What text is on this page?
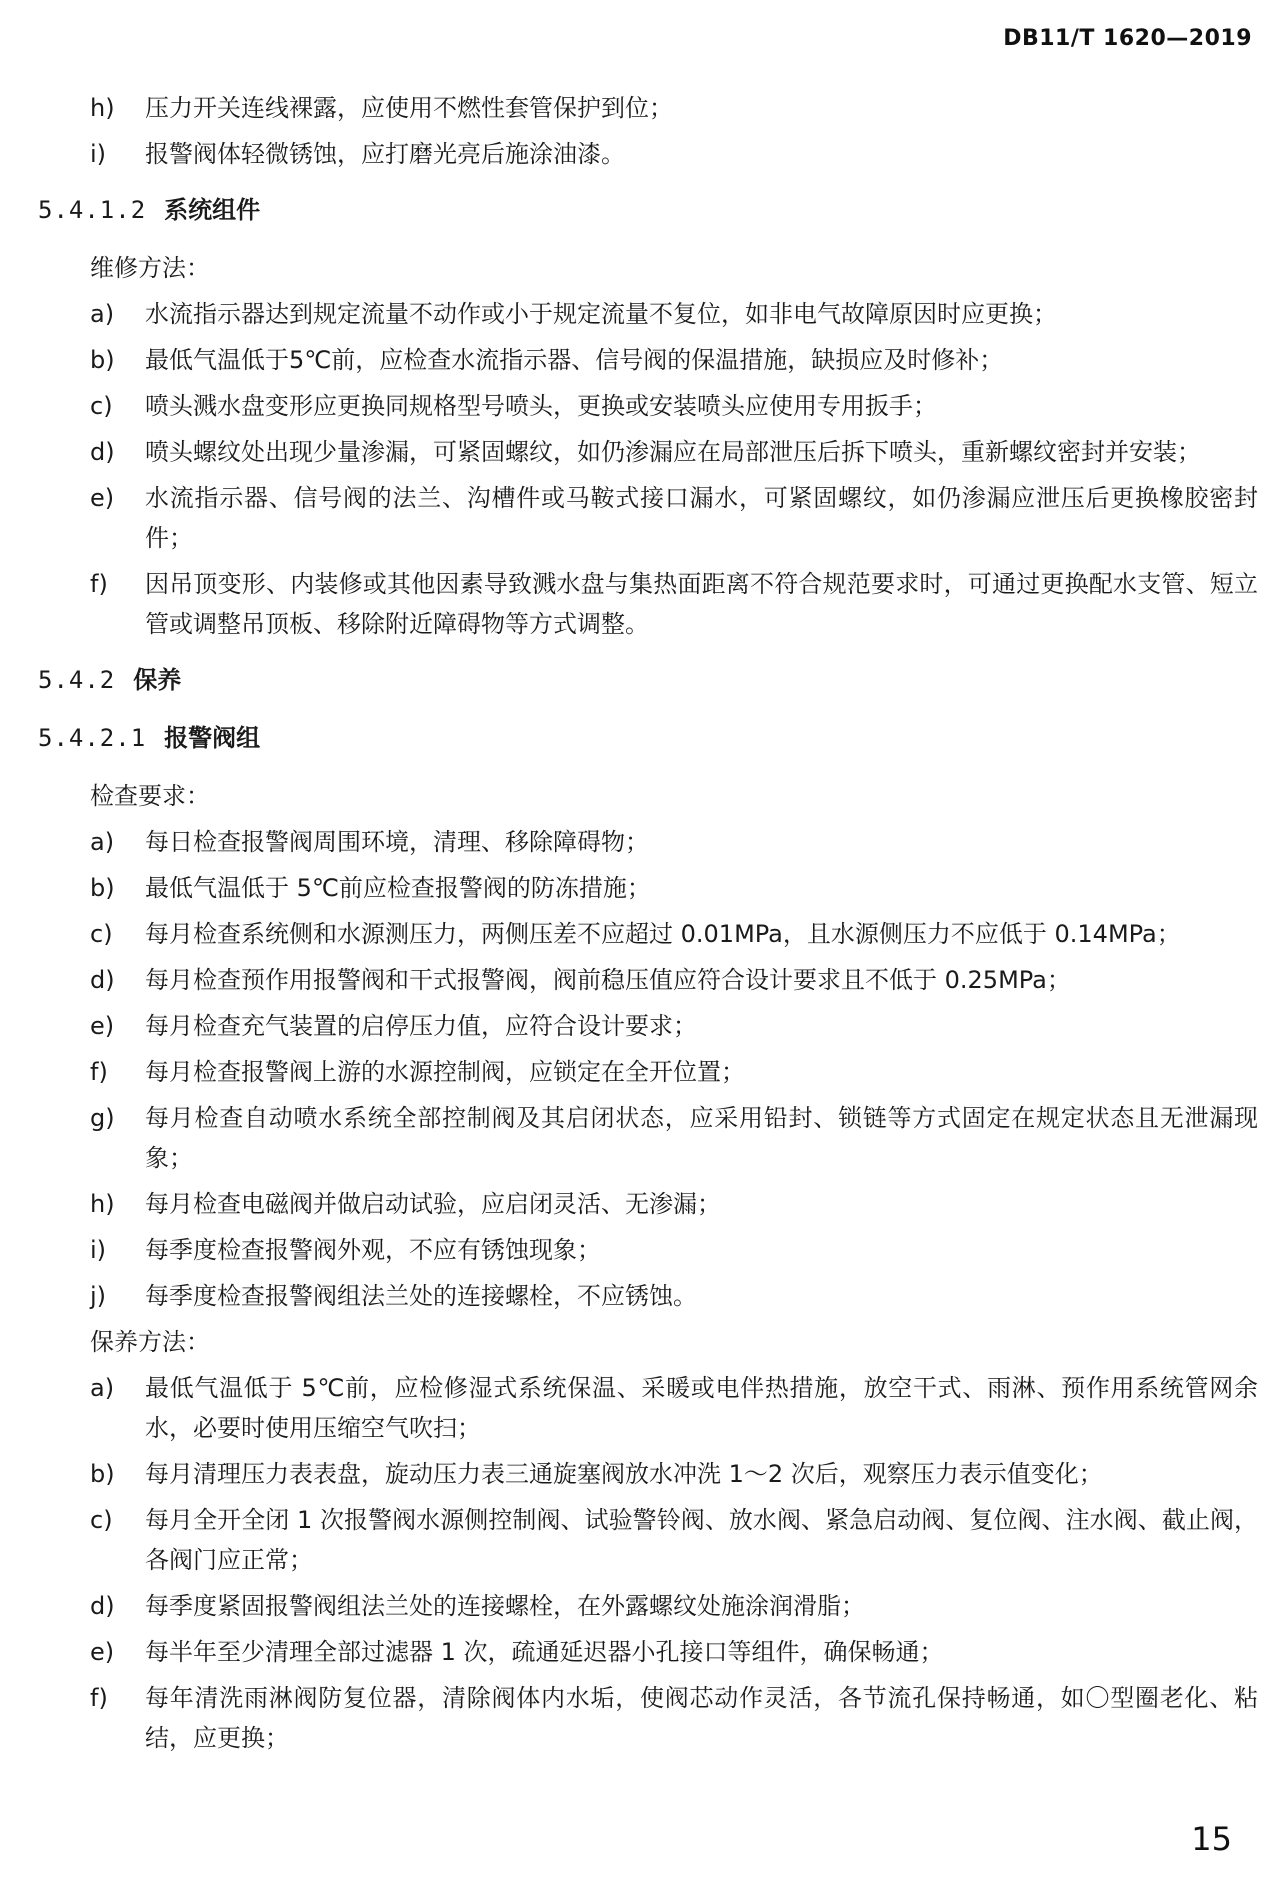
DB11/T 1620—2019
h)	压力开关连线裸露，应使用不燃性套管保护到位；
i)	报警阀体轻微锈蚀，应打磨光亮后施涂油漆。
5.4.1.2 系统组件
维修方法：
a)	水流指示器达到规定流量不动作或小于规定流量不复位，如非电气故障原因时应更换；
b)	最低气温低于5℃前，应检查水流指示器、信号阀的保温措施，缺损应及时修补；
c)	喷头溅水盘变形应更换同规格型号喷头，更换或安装喷头应使用专用扳手；
d)	喷头螺纹处出现少量渗漏，可紧固螺纹，如仍渗漏应在局部泄压后拆下喷头，重新螺纹密封并安装；
e)	水流指示器、信号阀的法兰、沟槽件或马鞍式接口漏水，可紧固螺纹，如仍渗漏应泄压后更换橡胶密封件；
f)	因吊顶变形、内装修或其他因素导致溅水盘与集热面距离不符合规范要求时，可通过更换配水支管、短立管或调整吊顶板、移除附近障碍物等方式调整。
5.4.2 保养
5.4.2.1 报警阀组
检查要求：
a)	每日检查报警阀周围环境，清理、移除障碍物；
b)	最低气温低于 5℃前应检查报警阀的防冻措施；
c)	每月检查系统侧和水源测压力，两侧压差不应超过 0.01MPa，且水源侧压力不应低于 0.14MPa；
d)	每月检查预作用报警阀和干式报警阀，阀前稳压值应符合设计要求且不低于 0.25MPa；
e)	每月检查充气装置的启停压力值，应符合设计要求；
f)	每月检查报警阀上游的水源控制阀，应锁定在全开位置；
g)	每月检查自动喷水系统全部控制阀及其启闭状态，应采用铅封、锁链等方式固定在规定状态且无泄漏现象；
h)	每月检查电磁阀并做启动试验，应启闭灵活、无渗漏；
i)	每季度检查报警阀外观，不应有锈蚀现象；
j)	每季度检查报警阀组法兰处的连接螺栓，不应锈蚀。
保养方法：
a)	最低气温低于 5℃前，应检修湿式系统保温、采暖或电伴热措施，放空干式、雨淋、预作用系统管网余水，必要时使用压缩空气吹扫；
b)	每月清理压力表表盘，旋动压力表三通旋塞阀放水冲洗 1～2 次后，观察压力表示值变化；
c)	每月全开全闭 1 次报警阀水源侧控制阀、试验警铃阀、放水阀、紧急启动阀、复位阀、注水阀、截止阀，各阀门应正常；
d)	每季度紧固报警阀组法兰处的连接螺栓，在外露螺纹处施涂润滑脂；
e)	每半年至少清理全部过滤器 1 次，疏通延迟器小孔接口等组件，确保畅通；
f)	每年清洗雨淋阀防复位器，清除阀体内水垢，使阀芯动作灵活，各节流孔保持畅通，如〇型圈老化、粘结，应更换；
15
